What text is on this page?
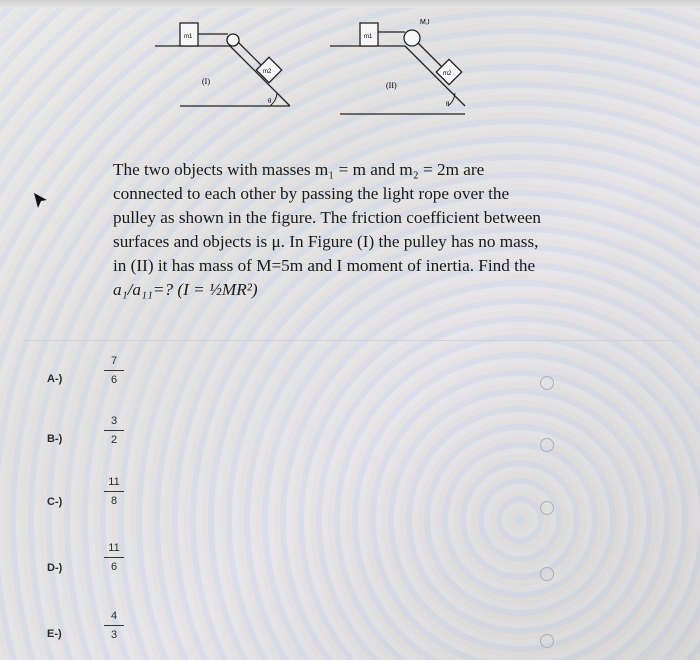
m1
m2
θ
(I)
M,I
m1
m2
θ
(II)
The two objects with masses m₁ = m and m₂ = 2m are
connected to each other by passing the light rope over the
pulley as shown in the figure. The friction coefficient between
surfaces and objects is μ. In Figure (I) the pulley has no mass,
in (II) it has mass of M=5m and I moment of inertia. Find the
a₁/a₁₁=? (I = ½MR²)
A-)
7
6
B-)
3
2
C-)
11
8
D-)
11
6
E-)
4
3
